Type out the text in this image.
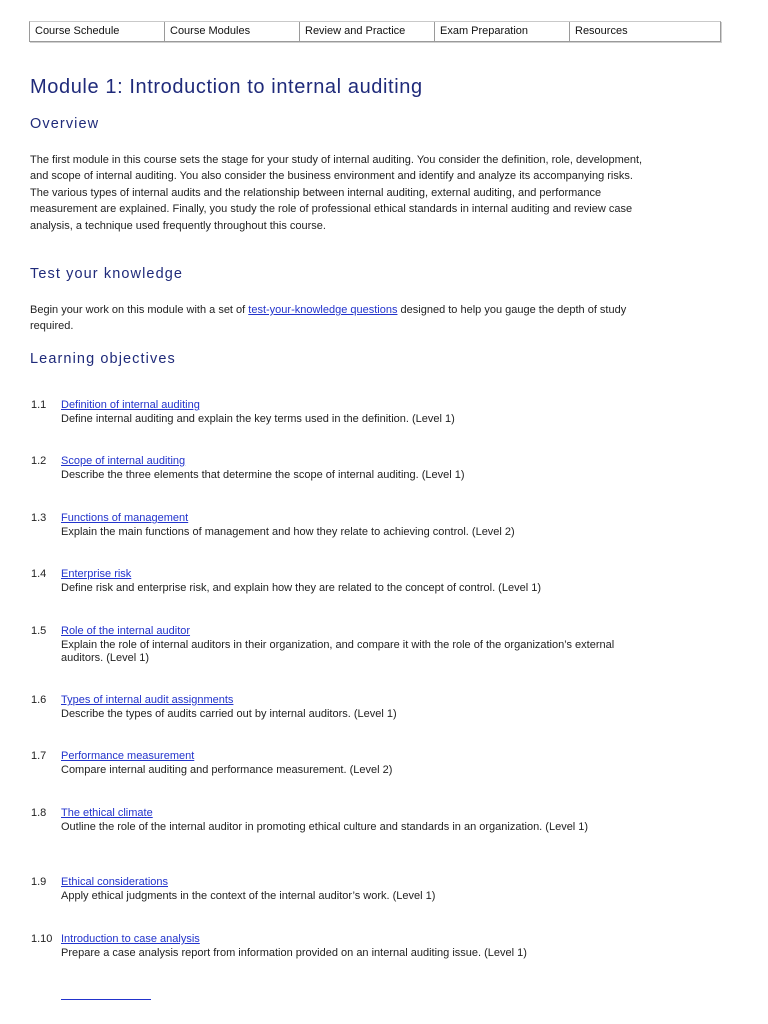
Course Schedule	Course Modules	Review and Practice	Exam Preparation	Resources
Module 1: Introduction to internal auditing
Overview

The first module in this course sets the stage for your study of internal auditing. You consider the definition, role, development, and scope of internal auditing. You also consider the business environment and identify and analyze its accompanying risks. The various types of internal audits and the relationship between internal auditing, external auditing, and performance measurement are explained. Finally, you study the role of professional ethical standards in internal auditing and review case analysis, a technique used frequently throughout this course.

Test your knowledge

Begin your work on this module with a set of test-your-knowledge questions designed to help you gauge the depth of study required.

Learning objectives
1.1	Definition of internal auditing
Define internal auditing and explain the key terms used in the definition. (Level 1)
1.2	Scope of internal auditing
Describe the three elements that determine the scope of internal auditing. (Level 1)
1.3	Functions of management
Explain the main functions of management and how they relate to achieving control. (Level 2)
1.4	Enterprise risk
Define risk and enterprise risk, and explain how they are related to the concept of control. (Level 1)
1.5	Role of the internal auditor
Explain the role of internal auditors in their organization, and compare it with the role of the organization’s external auditors. (Level 1)
1.6	Types of internal audit assignments
Describe the types of audits carried out by internal auditors. (Level 1)
1.7	Performance measurement
Compare internal auditing and performance measurement. (Level 2)
1.8	The ethical climate
Outline the role of the internal auditor in promoting ethical culture and standards in an organization. (Level 1)
1.9	Ethical considerations
Apply ethical judgments in the context of the internal auditor’s work. (Level 1)
1.10 Introduction to case analysis
Prepare a case analysis report from information provided on an internal auditing issue. (Level 1)
